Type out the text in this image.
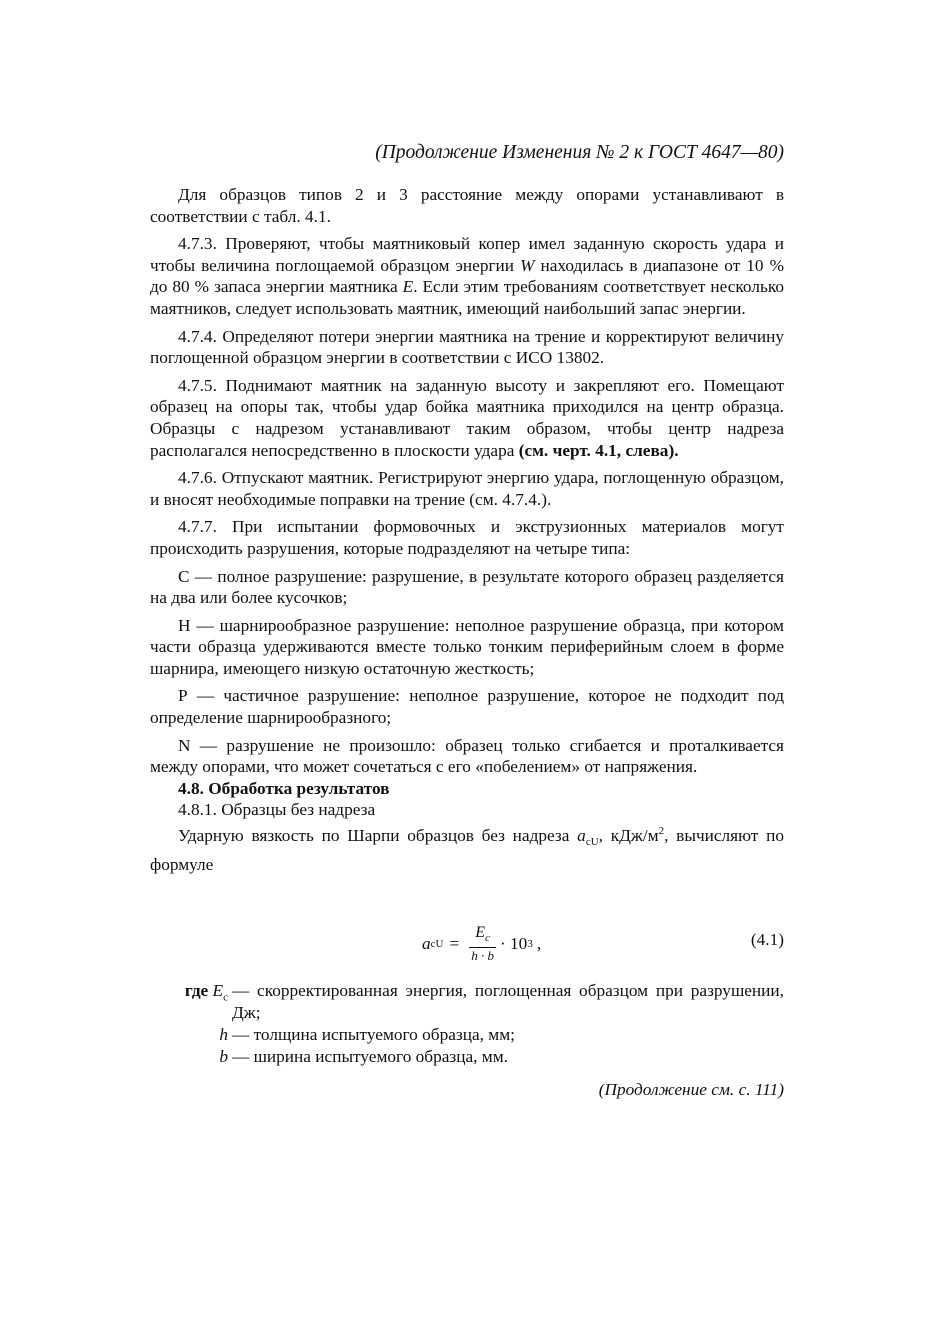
(Продолжение Изменения № 2 к ГОСТ 4647—80)

Для образцов типов 2 и 3 расстояние между опорами устанавливают в соответствии с табл. 4.1.

4.7.3. Проверяют, чтобы маятниковый копер имел заданную скорость удара и чтобы величина поглощаемой образцом энергии W находилась в диапазоне от 10 % до 80 % запаса энергии маятника E. Если этим требованиям соответствует несколько маятников, следует использовать маятник, имеющий наибольший запас энергии.

4.7.4. Определяют потери энергии маятника на трение и корректируют величину поглощенной образцом энергии в соответствии с ИСО 13802.

4.7.5. Поднимают маятник на заданную высоту и закрепляют его. Помещают образец на опоры так, чтобы удар бойка маятника приходился на центр образца. Образцы с надрезом устанавливают таким образом, чтобы центр надреза располагался непосредственно в плоскости удара (см. черт. 4.1, слева).

4.7.6. Отпускают маятник. Регистрируют энергию удара, поглощенную образцом, и вносят необходимые поправки на трение (см. 4.7.4.).

4.7.7. При испытании формовочных и экструзионных материалов могут происходить разрушения, которые подразделяют на четыре типа:

С — полное разрушение: разрушение, в результате которого образец разделяется на два или более кусочков;

Н — шарнирообразное разрушение: неполное разрушение образца, при котором части образца удерживаются вместе только тонким периферийным слоем в форме шарнира, имеющего низкую остаточную жесткость;

Р — частичное разрушение: неполное разрушение, которое не подходит под определение шарнирообразного;

N — разрушение не произошло: образец только сгибается и проталкивается между опорами, что может сочетаться с его «побелением» от напряжения.

4.8. Обработка результатов

4.8.1. Образцы без надреза

Ударную вязкость по Шарпи образцов без надреза $a_{cU}$, кДж/$м^2$, вычисляют по формуле

a cU = $\frac{E_c}{h \cdot b} \cdot 10$ 3 ,	(4.1)
где $E_c$ — скорректированная энергия, поглощенная образцом при разрушении, Дж;
h — толщина испытуемого образца, мм;
b — ширина испытуемого образца, мм.
(Продолжение см. с. 111)
